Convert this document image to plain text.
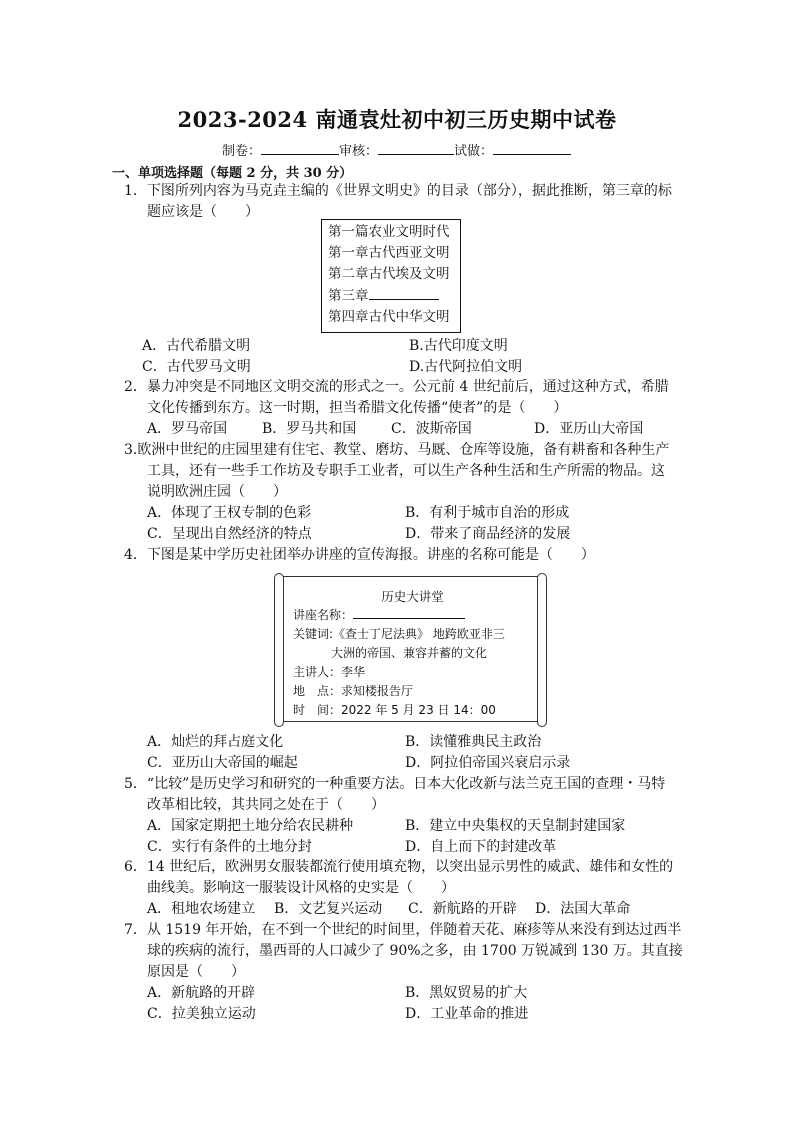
2023-2024 南通袁灶初中初三历史期中试卷
制卷：	审核：	试做：
一、单项选择题（每题 2 分，共 30 分）
1．下图所列内容为马克垚主编的《世界文明史》的目录（部分），据此推断，第三章的标
题应该是（　　）
第一篇农业文明时代
第一章古代西亚文明
第二章古代埃及文明
第三章
第四章古代中华文明
A．古代希腊文明	B.古代印度文明
C．古代罗马文明	D.古代阿拉伯文明
2．暴力冲突是不同地区文明交流的形式之一。公元前 4 世纪前后，通过这种方式，希腊
文化传播到东方。这一时期，担当希腊文化传播“使者”的是（　　）
A．罗马帝国 B．罗马共和国 C．波斯帝国	D．亚历山大帝国
3.欧洲中世纪的庄园里建有住宅、教堂、磨坊、马厩、仓库等设施，备有耕畜和各种生产
工具，还有一些手工作坊及专职手工业者，可以生产各种生活和生产所需的物品。这
说明欧洲庄园（　　）
A．体现了王权专制的色彩	B．有利于城市自治的形成
C．呈现出自然经济的特点	D．带来了商品经济的发展
4．下图是某中学历史社团举办讲座的宣传海报。讲座的名称可能是（　　）
历史大讲堂
讲座名称：
关键词:《查士丁尼法典》 地跨欧亚非三
大洲的帝国、兼容并蓄的文化
主讲人：李华
地　点：求知楼报告厅
时　间：2022 年 5 月 23 日 14：00
A．灿烂的拜占庭文化	B．读懂雅典民主政治
C．亚历山大帝国的崛起	D．阿拉伯帝国兴衰启示录
5．“比较”是历史学习和研究的一种重要方法。日本大化改新与法兰克王国的查理・马特
改革相比较，其共同之处在于（　　）
A．国家定期把土地分给农民耕种	B．建立中央集权的天皇制封建国家
C．实行有条件的土地分封	D．自上而下的封建改革
6．14 世纪后，欧洲男女服装都流行使用填充物，以突出显示男性的威武、雄伟和女性的
曲线美。影响这一服装设计风格的史实是（　　）
A．租地农场建立 B．文艺复兴运动 C．新航路的开辟 D．法国大革命
7．从 1519 年开始，在不到一个世纪的时间里，伴随着天花、麻疹等从来没有到达过西半
球的疾病的流行，墨西哥的人口减少了 90%之多，由 1700 万锐减到 130 万。其直接
原因是（　　）
A．新航路的开辟	B．黑奴贸易的扩大
C．拉美独立运动	D．工业革命的推进
